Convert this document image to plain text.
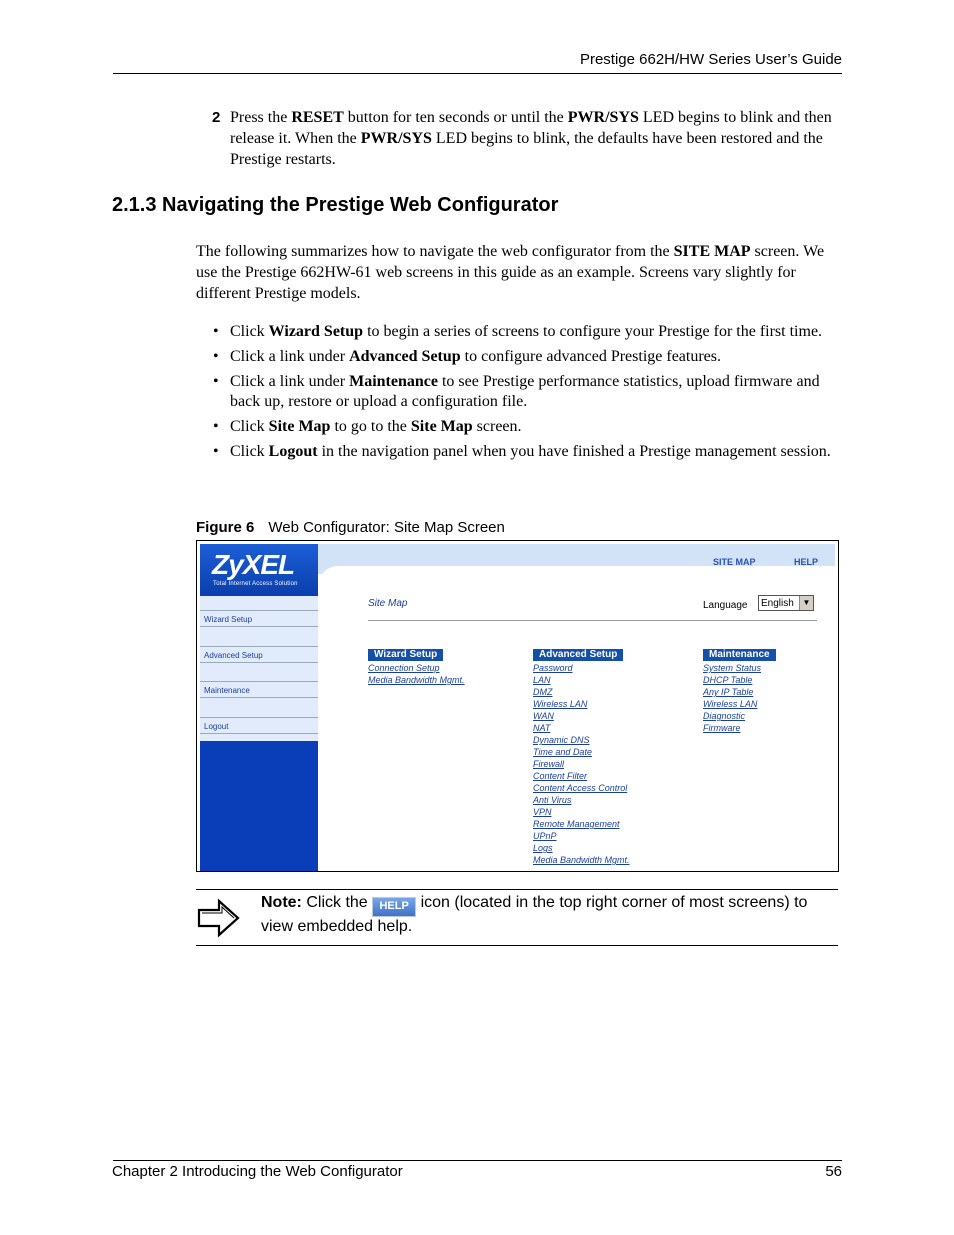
Prestige 662H/HW Series User’s Guide
2 Press the RESET button for ten seconds or until the PWR/SYS LED begins to blink and then release it. When the PWR/SYS LED begins to blink, the defaults have been restored and the Prestige restarts.
2.1.3 Navigating the Prestige Web Configurator

The following summarizes how to navigate the web configurator from the SITE MAP screen. We use the Prestige 662HW-61 web screens in this guide as an example. Screens vary slightly for different Prestige models.

• Click Wizard Setup to begin a series of screens to configure your Prestige for the first time.
• Click a link under Advanced Setup to configure advanced Prestige features.
• Click a link under Maintenance to see Prestige performance statistics, upload firmware and back up, restore or upload a configuration file.
• Click Site Map to go to the Site Map screen.
• Click Logout in the navigation panel when you have finished a Prestige management session.
Figure 6 Web Configurator: Site Map Screen
ZyXEL
Total Internet Access Solution
Wizard Setup
Advanced Setup
Maintenance
Logout
SITE MAP	HELP
Site Map	Language	English	▼
Wizard Setup
Connection Setup
Media Bandwidth Mgmt.
Advanced Setup
Password
LAN
DMZ
Wireless LAN
WAN
NAT
Dynamic DNS
Time and Date
Firewall
Content Filter
Content Access Control
Anti Virus
VPN
Remote Management
UPnP
Logs
Media Bandwidth Mgmt.
Maintenance
System Status
DHCP Table
Any IP Table
Wireless LAN
Diagnostic
Firmware
Note: Click the HELP icon (located in the top right corner of most screens) to view embedded help.
Chapter 2 Introducing the Web Configurator	56
